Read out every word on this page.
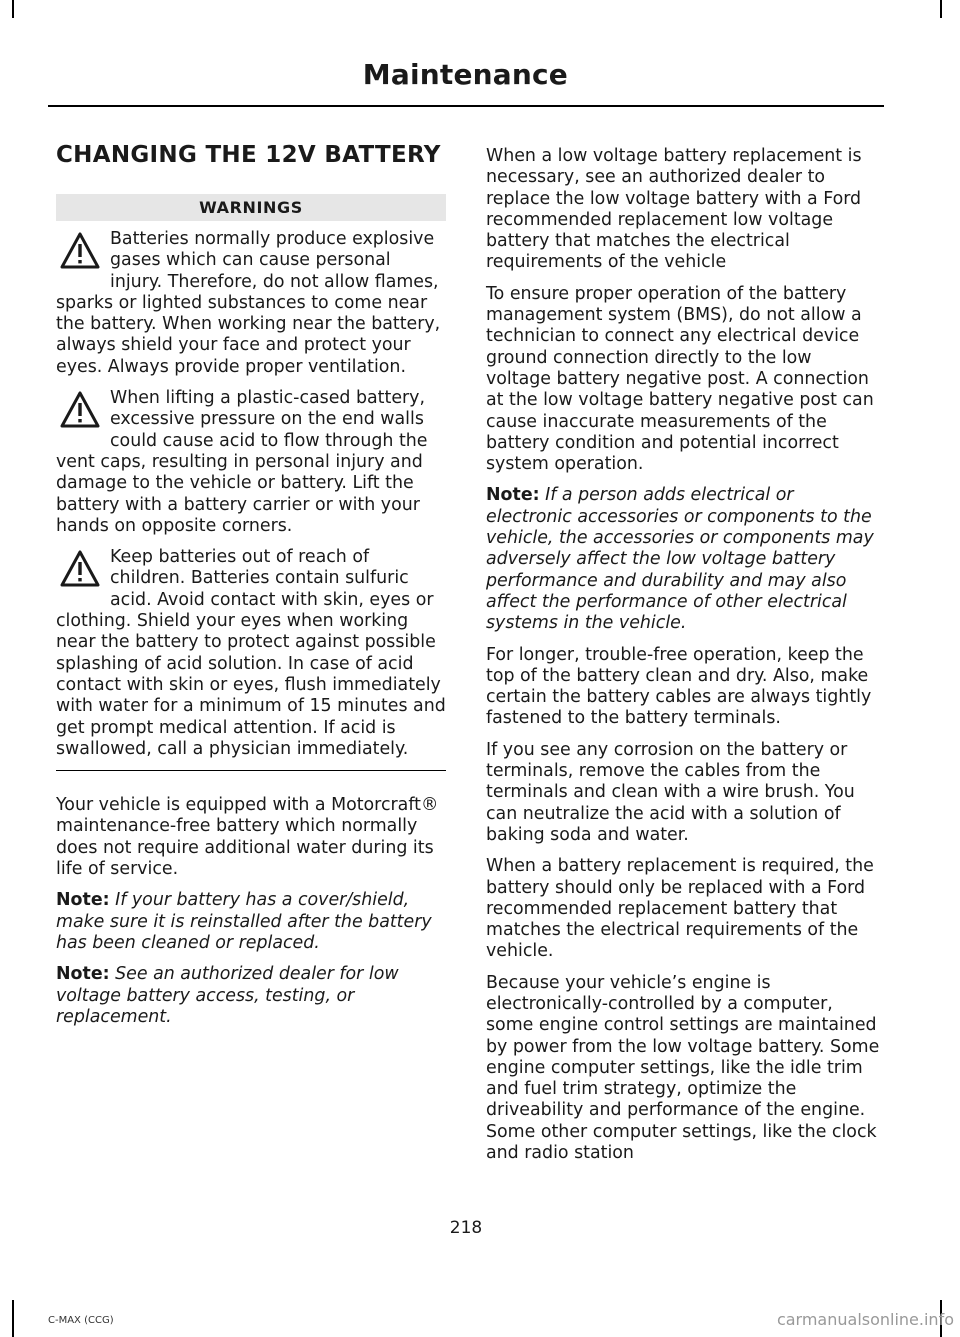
Maintenance
CHANGING THE 12V BATTERY
WARNINGS
Batteries normally produce explosive gases which can cause personal injury. Therefore, do not allow flames, sparks or lighted substances to come near the battery. When working near the battery, always shield your face and protect your eyes. Always provide proper ventilation.
When lifting a plastic-cased battery, excessive pressure on the end walls could cause acid to flow through the vent caps, resulting in personal injury and damage to the vehicle or battery. Lift the battery with a battery carrier or with your hands on opposite corners.
Keep batteries out of reach of children. Batteries contain sulfuric acid. Avoid contact with skin, eyes or clothing. Shield your eyes when working near the battery to protect against possible splashing of acid solution. In case of acid contact with skin or eyes, flush immediately with water for a minimum of 15 minutes and get prompt medical attention. If acid is swallowed, call a physician immediately.

Your vehicle is equipped with a Motorcraft® maintenance-free battery which normally does not require additional water during its life of service.

Note: If your battery has a cover/shield, make sure it is reinstalled after the battery has been cleaned or replaced.

Note: See an authorized dealer for low voltage battery access, testing, or replacement.

When a low voltage battery replacement is necessary, see an authorized dealer to replace the low voltage battery with a Ford recommended replacement low voltage battery that matches the electrical requirements of the vehicle

To ensure proper operation of the battery management system (BMS), do not allow a technician to connect any electrical device ground connection directly to the low voltage battery negative post. A connection at the low voltage battery negative post can cause inaccurate measurements of the battery condition and potential incorrect system operation.

Note: If a person adds electrical or electronic accessories or components to the vehicle, the accessories or components may adversely affect the low voltage battery performance and durability and may also affect the performance of other electrical systems in the vehicle.

For longer, trouble-free operation, keep the top of the battery clean and dry. Also, make certain the battery cables are always tightly fastened to the battery terminals.

If you see any corrosion on the battery or terminals, remove the cables from the terminals and clean with a wire brush. You can neutralize the acid with a solution of baking soda and water.

When a battery replacement is required, the battery should only be replaced with a Ford recommended replacement battery that matches the electrical requirements of the vehicle.

Because your vehicle’s engine is electronically-controlled by a computer, some engine control settings are maintained by power from the low voltage battery. Some engine computer settings, like the idle trim and fuel trim strategy, optimize the driveability and performance of the engine. Some other computer settings, like the clock and radio station

218
C-MAX (CCG)	carmanualsonline.info
